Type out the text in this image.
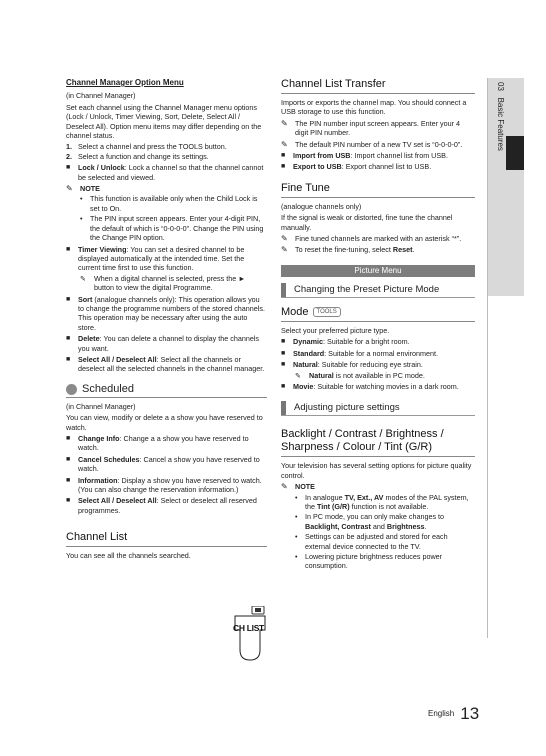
03   Basic Features
Channel Manager Option Menu

(in Channel Manager)

Set each channel using the Channel Manager menu options (Lock / Unlock, Timer Viewing, Sort, Delete, Select All / Deselect All). Option menu items may differ depending on the channel status.

1. Select a channel and press the TOOLS button.
2. Select a function and change its settings.
■	Lock / Unlock: Lock a channel so that the channel cannot be selected and viewed.
✎	NOTE
•	This function is available only when the Child Lock is set to On.
•	The PIN input screen appears. Enter your 4-digit PIN, the default of which is “0-0-0-0”. Change the PIN using the Change PIN option.
■	Timer Viewing: You can set a desired channel to be displayed automatically at the intended time. Set the current time first to use this function.
✎	When a digital channel is selected, press the ► button to view the digital Programme.
■	Sort (analogue channels only): This operation allows you to change the programme numbers of the stored channels. This operation may be necessary after using the auto store.
■	Delete: You can delete a channel to display the channels you want.
■	Select All / Deselect All: Select all the channels or deselect all the selected channels in the channel manager.
Scheduled

(in Channel Manager)

You can view, modify or delete a a show you have reserved to watch.

■	Change Info: Change a a show you have reserved to watch.
■	Cancel Schedules: Cancel a show you have reserved to watch.
■	Information: Display a show you have reserved to watch. (You can also change the reservation information.)
■	Select All / Deselect All: Select or deselect all reserved programmes.
Channel List

You can see all the channels searched.

CH LIST
Channel List Transfer

Imports or exports the channel map. You should connect a USB storage to use this function.

✎	The PIN number input screen appears. Enter your 4 digit PIN number.
✎	The default PIN number of a new TV set is “0-0-0-0”.
■	Import from USB: Import channel list from USB.
■	Export to USB: Export channel list to USB.
Fine Tune

(analogue channels only)

If the signal is weak or distorted, fine tune the channel manually.

✎	Fine tuned channels are marked with an asterisk “*”.
✎	To reset the fine-tuning, select Reset.
Picture Menu
Changing the Preset Picture Mode
Mode TOOLS

Select your preferred picture type.

■	Dynamic: Suitable for a bright room.
■	Standard: Suitable for a normal environment.
■	Natural: Suitable for reducing eye strain.
✎	Natural is not available in PC mode.
■	Movie: Suitable for watching movies in a dark room.
Adjusting picture settings
Backlight / Contrast / Brightness / Sharpness / Colour / Tint (G/R)

Your television has several setting options for picture quality control.

✎	NOTE
•	In analogue TV, Ext., AV modes of the PAL system, the Tint (G/R) function is not available.
•	In PC mode, you can only make changes to Backlight, Contrast and Brightness.
•	Settings can be adjusted and stored for each external device connected to the TV.
•	Lowering picture brightness reduces power consumption.
English 13
